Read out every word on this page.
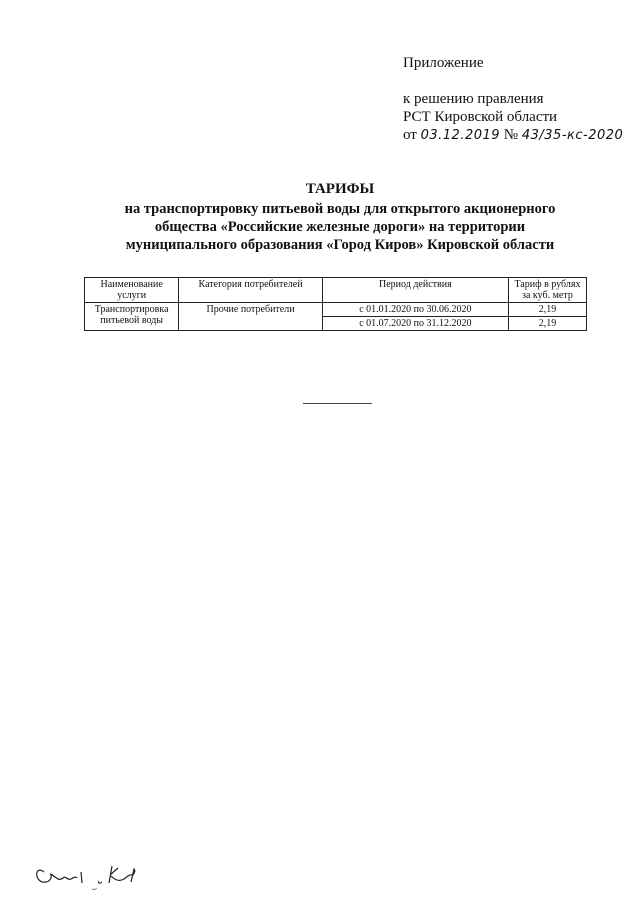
Приложение
к решению правления
РСТ Кировской области
от 03.12.2019 № 43/35-кс-2020
ТАРИФЫ
на транспортировку питьевой воды для открытого акционерного
общества «Российские железные дороги» на территории
муниципального образования «Город Киров» Кировской области
Наименование услуги	Категория потребителей	Период действия	Тариф в рублях за куб. метр
Транспортировка питьевой воды	Прочие потребители	с 01.01.2020 по 30.06.2020	2,19
		с 01.07.2020 по 31.12.2020	2,19
